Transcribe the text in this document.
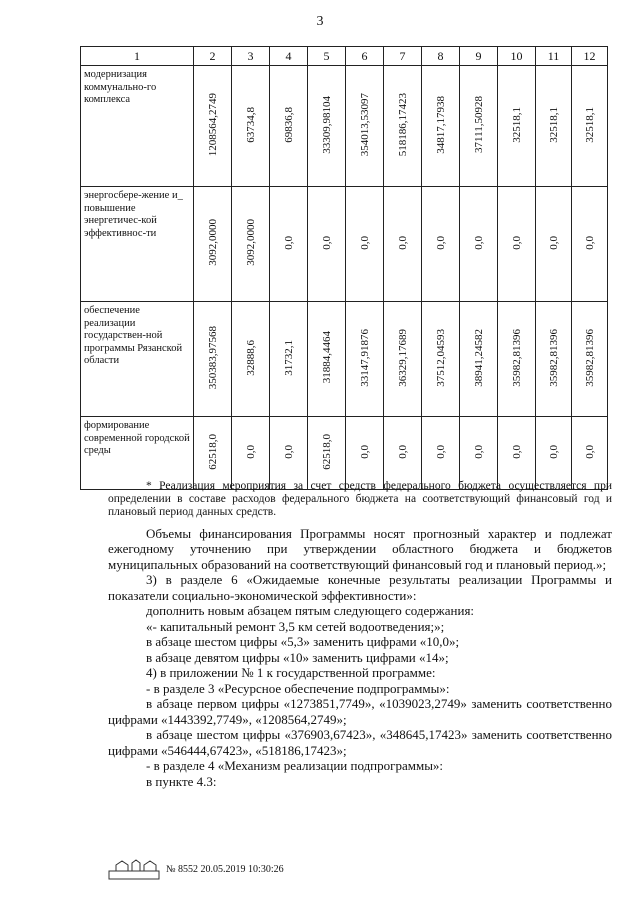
3
1	2	3	4	5	6	7	8	9	10	11	12
модернизация коммунально-го комплекса	1208564,2749	63734,8	69836,8	33309,98104	354013,53097	518186,17423	34817,17938	37111,50928	32518,1	32518,1	32518,1
энергосбере-жение и_ повышение энергетичес-кой эффективнос-ти	3092,0000	3092,0000	0,0	0,0	0,0	0,0	0,0	0,0	0,0	0,0	0,0
обеспечение реализации государствен-ной программы Рязанской области	350383,97568	32888,6	31732,1	31884,4464	33147,91876	36329,17689	37512,04593	38941,24582	35982,81396	35982,81396	35982,81396
формирование современной городской среды	62518,0	0,0	0,0	62518,0	0,0	0,0	0,0	0,0	0,0	0,0	0,0

* Реализация мероприятия за счет средств федерального бюджета осуществляется при определении в составе расходов федерального бюджета на соответствующий финансовый год и плановый период данных средств.

Объемы финансирования Программы носят прогнозный характер и подлежат ежегодному уточнению при утверждении областного бюджета и бюджетов муниципальных образований на соответствующий финансовый год и плановый период.»;

3) в разделе 6 «Ожидаемые конечные результаты реализации Программы и показатели социально-экономической эффективности»:

дополнить новым абзацем пятым следующего содержания:

«- капитальный ремонт 3,5 км сетей водоотведения;»;

в абзаце шестом цифры «5,3» заменить цифрами «10,0»;

в абзаце девятом цифры «10» заменить цифрами «14»;

4) в приложении № 1 к государственной программе:

- в разделе 3 «Ресурсное обеспечение подпрограммы»:

в абзаце первом цифры «1273851,7749», «1039023,2749» заменить соответственно цифрами «1443392,7749», «1208564,2749»;

в абзаце шестом цифры «376903,67423», «348645,17423» заменить соответственно цифрами «546444,67423», «518186,17423»;

- в разделе 4 «Механизм реализации подпрограммы»:

в пункте 4.3:

№ 8552 20.05.2019 10:30:26
